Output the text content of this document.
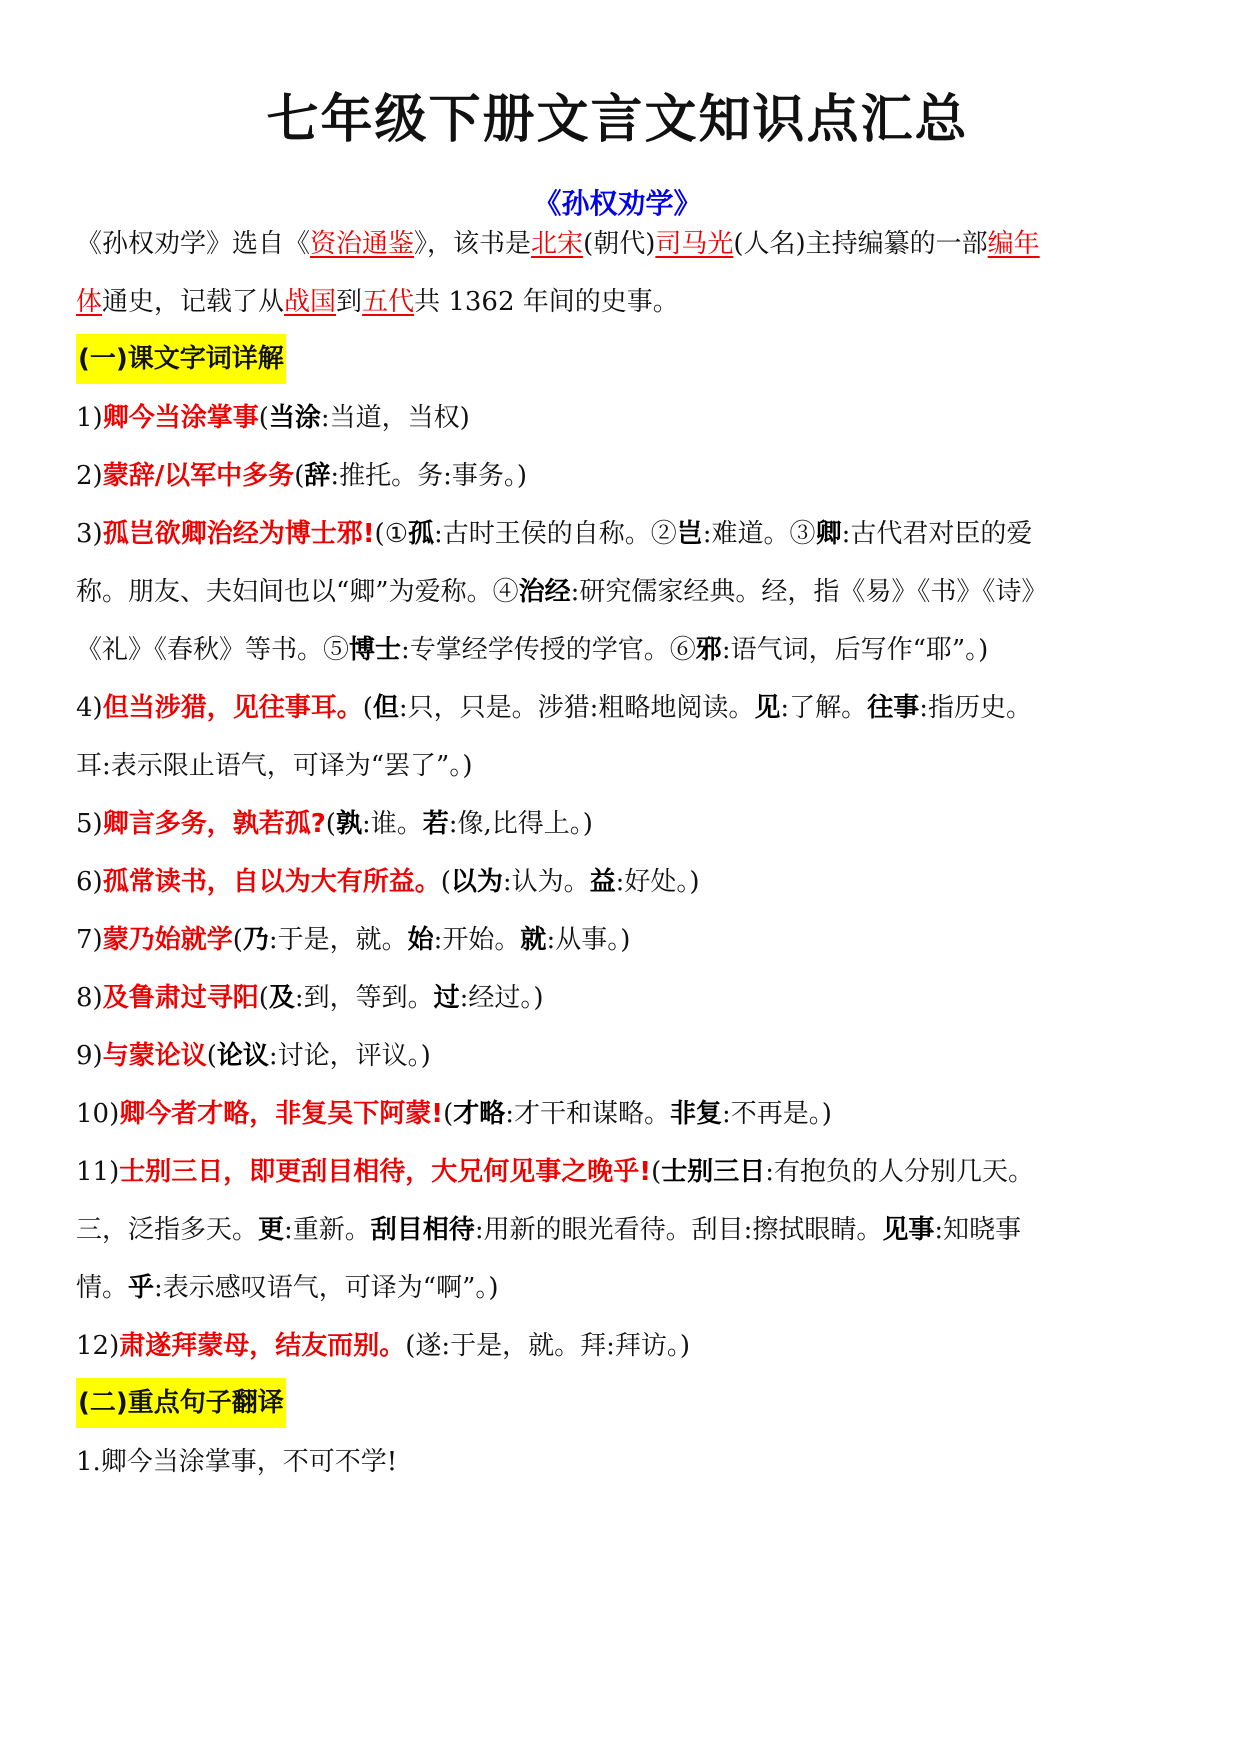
七年级下册文言文知识点汇总
《孙权劝学》
《孙权劝学》选自《资治通鉴》，该书是北宋(朝代)司马光(人名)主持编纂的一部编年
体通史，记载了从战国到五代共 1362 年间的史事。
(一)课文字词详解
1)卿今当涂掌事(当涂:当道，当权)
2)蒙辞/以军中多务(辞:推托。务:事务。)
3)孤岂欲卿治经为博士邪!(①孤:古时王侯的自称。②岂:难道。③卿:古代君对臣的爱
称。朋友、夫妇间也以“卿”为爱称。④治经:研究儒家经典。经，指《易》《书》《诗》
《礼》《春秋》等书。⑤博士:专掌经学传授的学官。⑥邪:语气词，后写作“耶”。)
4)但当涉猎，见往事耳。(但:只，只是。涉猎:粗略地阅读。见:了解。往事:指历史。
耳:表示限止语气，可译为“罢了”。)
5)卿言多务，孰若孤?(孰:谁。若:像,比得上。)
6)孤常读书，自以为大有所益。(以为:认为。益:好处。)
7)蒙乃始就学(乃:于是，就。始:开始。就:从事。)
8)及鲁肃过寻阳(及:到，等到。过:经过。)
9)与蒙论议(论议:讨论，评议。)
10)卿今者才略，非复吴下阿蒙!(才略:才干和谋略。非复:不再是。)
11)士别三日，即更刮目相待，大兄何见事之晚乎!(士别三日:有抱负的人分别几天。
三，泛指多天。更:重新。刮目相待:用新的眼光看待。刮目:擦拭眼睛。见事:知晓事
情。乎:表示感叹语气，可译为“啊”。)
12)肃遂拜蒙母，结友而别。(遂:于是，就。拜:拜访。)
(二)重点句子翻译
1.卿今当涂掌事，不可不学!
